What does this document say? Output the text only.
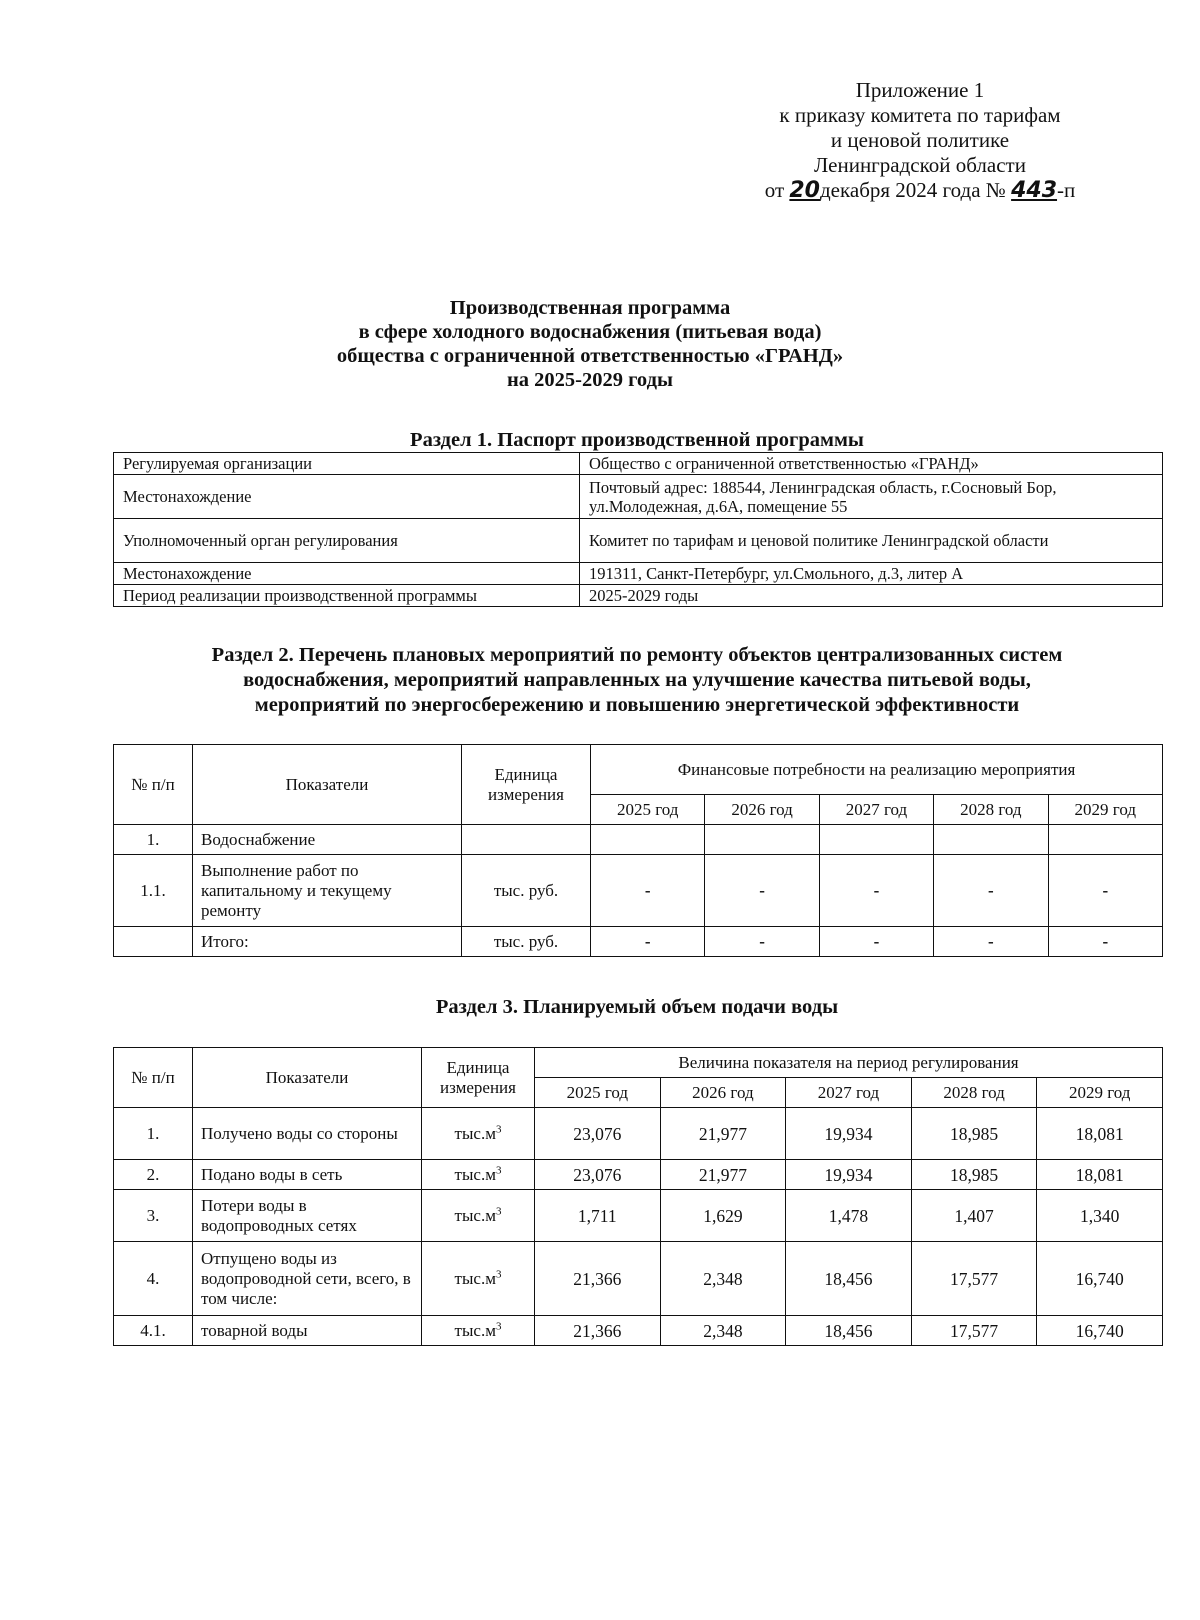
Приложение 1
к приказу комитета по тарифам
и ценовой политике
Ленинградской области
от 20декабря 2024 года № 443-п
Производственная программа
в сфере холодного водоснабжения (питьевая вода)
общества с ограниченной ответственностью «ГРАНД»
на 2025-2029 годы
Раздел 1. Паспорт производственной программы
Регулируемая организации	Общество с ограниченной ответственностью «ГРАНД»
Местонахождение	Почтовый адрес: 188544, Ленинградская область, г.Сосновый Бор, ул.Молодежная, д.6А, помещение 55
Уполномоченный орган регулирования	Комитет по тарифам и ценовой политике Ленинградской области
Местонахождение	191311, Санкт-Петербург, ул.Смольного, д.3, литер А
Период реализации производственной программы	2025-2029 годы
Раздел 2. Перечень плановых мероприятий по ремонту объектов централизованных систем
водоснабжения, мероприятий направленных на улучшение качества питьевой воды,
мероприятий по энергосбережению и повышению энергетической эффективности
№ п/п	Показатели	Единица измерения	Финансовые потребности на реализацию мероприятия				
			2025 год	2026 год	2027 год	2028 год	2029 год
1.	Водоснабжение						
1.1.	Выполнение работ по капитальному и текущему ремонту	тыс. руб.	-	-	-	-	-
	Итого:	тыс. руб.	-	-	-	-	-
Раздел 3. Планируемый объем подачи воды
№ п/п	Показатели	Единица измерения	Величина показателя на период регулирования				
			2025 год	2026 год	2027 год	2028 год	2029 год
1.	Получено воды со стороны	$тыс.м^3$	23,076	21,977	19,934	18,985	18,081
2.	Подано воды в сеть	$тыс.м^3$	23,076	21,977	19,934	18,985	18,081
3.	Потери воды в водопроводных сетях	$тыс.м^3$	1,711	1,629	1,478	1,407	1,340
4.	Отпущено воды из водопроводной сети, всего, в том числе:	$тыс.м^3$	21,366	2,348	18,456	17,577	16,740
4.1.	товарной воды	$тыс.м^3$	21,366	2,348	18,456	17,577	16,740
